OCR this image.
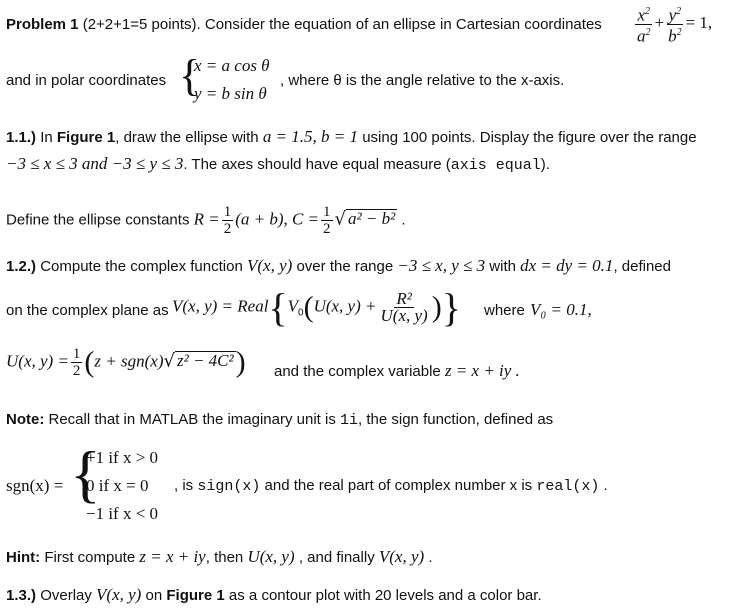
Problem 1 (2+2+1=5 points). Consider the equation of an ellipse in Cartesian coordinates $\frac{x^2}{a^2} + \frac{y^2}{b^2} = 1$,
and in polar coordinates {
x = a cos θ
y = b sin θ
, where θ is the angle relative to the x-axis.
1.1.) In Figure 1, draw the ellipse with a = 1.5, b = 1 using 100 points. Display the figure over the range
−3 ≤ x ≤ 3 and −3 ≤ y ≤ 3. The axes should have equal measure (axis equal).
Define the ellipse constants $R = \frac{1}{2} (a + b)$, $C = \frac{1}{2}$ √ a² − b² .
1.2.) Compute the complex function V(x, y) over the range −3 ≤ x, y ≤ 3 with dx = dy = 0.1, defined
on the complex plane as V(x, $y) = Real\{V_0(U(x$, $y) + \frac{\text{R²}}{U(x, y)}$ )} where V₀ = 0.1,
U(x, $y) = \frac{1}{2} (z + sgn(x)√$ z² − 4C²) and the complex variable z = x + iy .
Note: Recall that in MATLAB the imaginary unit is 1i, the sign function, defined as
sgn(x) = {
+1 if x > 0
0 if x = 0
−1 if x < 0
, is sign(x) and the real part of complex number x is real(x) .
Hint: First compute z = x + iy, then U(x, y) , and finally V(x, y) .
1.3.) Overlay V(x, y) on Figure 1 as a contour plot with 20 levels and a color bar.
